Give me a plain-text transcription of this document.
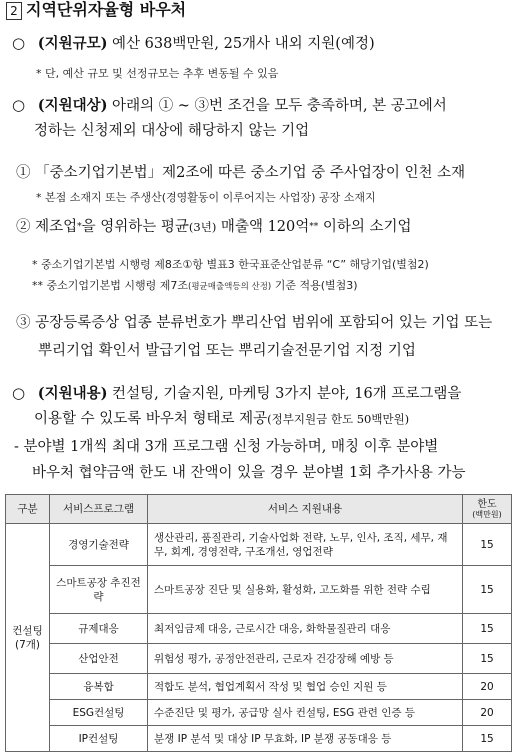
2 지역단위자율형 바우처
○ (지원규모) 예산 638백만원, 25개사 내외 지원(예정)
* 단, 예산 규모 및 선정규모는 추후 변동될 수 있음
○ (지원대상) 아래의 ① ~ ③번 조건을 모두 충족하며, 본 공고에서
정하는 신청제외 대상에 해당하지 않는 기업
① 「중소기업기본법」제2조에 따른 중소기업 중 주사업장이 인천 소재
* 본점 소재지 또는 주생산(경영활동이 이루어지는 사업장) 공장 소재지
② 제조업*을 영위하는 평균(3년) 매출액 120억** 이하의 소기업
* 중소기업기본법 시행령 제8조①항 별표3 한국표준산업분류 “C” 해당기업(별첨2)
** 중소기업기본법 시행령 제7조(평균매출액등의 산정) 기준 적용(별첨3)
③ 공장등록증상 업종 분류번호가 뿌리산업 범위에 포함되어 있는 기업 또는
뿌리기업 확인서 발급기업 또는 뿌리기술전문기업 지정 기업
○ (지원내용) 컨설팅, 기술지원, 마케팅 3가지 분야, 16개 프로그램을
이용할 수 있도록 바우처 형태로 제공(정부지원금 한도 50백만원)
- 분야별 1개씩 최대 3개 프로그램 신청 가능하며, 매칭 이후 분야별
바우처 협약금액 한도 내 잔액이 있을 경우 분야별 1회 추가사용 가능
구분	서비스프로그램	서비스 지원내용	한도
(백만원)

컨설팅
(7개)	경영기술전략	생산관리, 품질관리, 기술사업화 전략, 노무, 인사, 조직, 세무, 재무, 회계, 경영전략, 구조개선, 영업전략	15
	스마트공장 추진전략	스마트공장 진단 및 실용화, 활성화, 고도화를 위한 전략 수립	15
	규제대응	최저임금제 대응, 근로시간 대응, 화학물질관리 대응	15
	산업안전	위험성 평가, 공정안전관리, 근로자 건강장해 예방 등	15
	융복합	적합도 분석, 협업계획서 작성 및 협업 승인 지원 등	20
	ESG컨설팅	수준진단 및 평가, 공급망 실사 컨설팅, ESG 관련 인증 등	20
	IP컨설팅	분쟁 IP 분석 및 대상 IP 무효화, IP 분쟁 공동대응 등	15
